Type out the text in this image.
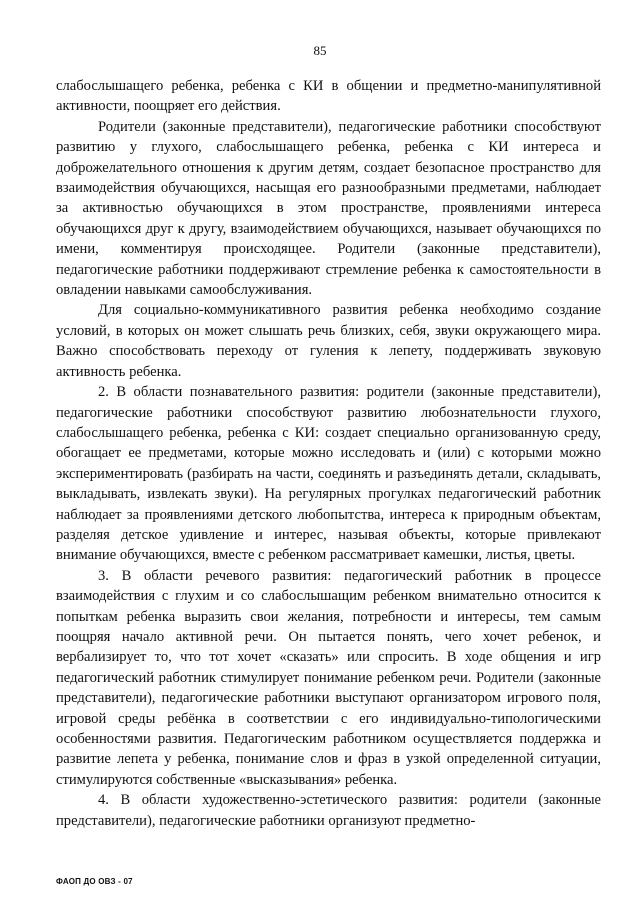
85

слабослышащего ребенка, ребенка с КИ в общении и предметно-манипулятивной активности, поощряет его действия.

Родители (законные представители), педагогические работники способствуют развитию у глухого, слабослышащего ребенка, ребенка с КИ интереса и доброжелательного отношения к другим детям, создает безопасное пространство для взаимодействия обучающихся, насыщая его разнообразными предметами, наблюдает за активностью обучающихся в этом пространстве, проявлениями интереса обучающихся друг к другу, взаимодействием обучающихся, называет обучающихся по имени, комментируя происходящее. Родители (законные представители), педагогические работники поддерживают стремление ребенка к самостоятельности в овладении навыками самообслуживания.

Для социально-коммуникативного развития ребенка необходимо создание условий, в которых он может слышать речь близких, себя, звуки окружающего мира. Важно способствовать переходу от гуления к лепету, поддерживать звуковую активность ребенка.

2. В области познавательного развития: родители (законные представители), педагогические работники способствуют развитию любознательности глухого, слабослышащего ребенка, ребенка с КИ: создает специально организованную среду, обогащает ее предметами, которые можно исследовать и (или) с которыми можно экспериментировать (разбирать на части, соединять и разъединять детали, складывать, выкладывать, извлекать звуки). На регулярных прогулках педагогический работник наблюдает за проявлениями детского любопытства, интереса к природным объектам, разделяя детское удивление и интерес, называя объекты, которые привлекают внимание обучающихся, вместе с ребенком рассматривает камешки, листья, цветы.

3. В области речевого развития: педагогический работник в процессе взаимодействия с глухим и со слабослышащим ребенком внимательно относится к попыткам ребенка выразить свои желания, потребности и интересы, тем самым поощряя начало активной речи. Он пытается понять, чего хочет ребенок, и вербализирует то, что тот хочет «сказать» или спросить. В ходе общения и игр педагогический работник стимулирует понимание ребенком речи. Родители (законные представители), педагогические работники выступают организатором игрового поля, игровой среды ребёнка в соответствии с его индивидуально-типологическими особенностями развития. Педагогическим работником осуществляется поддержка и развитие лепета у ребенка, понимание слов и фраз в узкой определенной ситуации, стимулируются собственные «высказывания» ребенка.

4. В области художественно-эстетического развития: родители (законные представители), педагогические работники организуют предметно-

ФАОП ДО ОВЗ - 07
